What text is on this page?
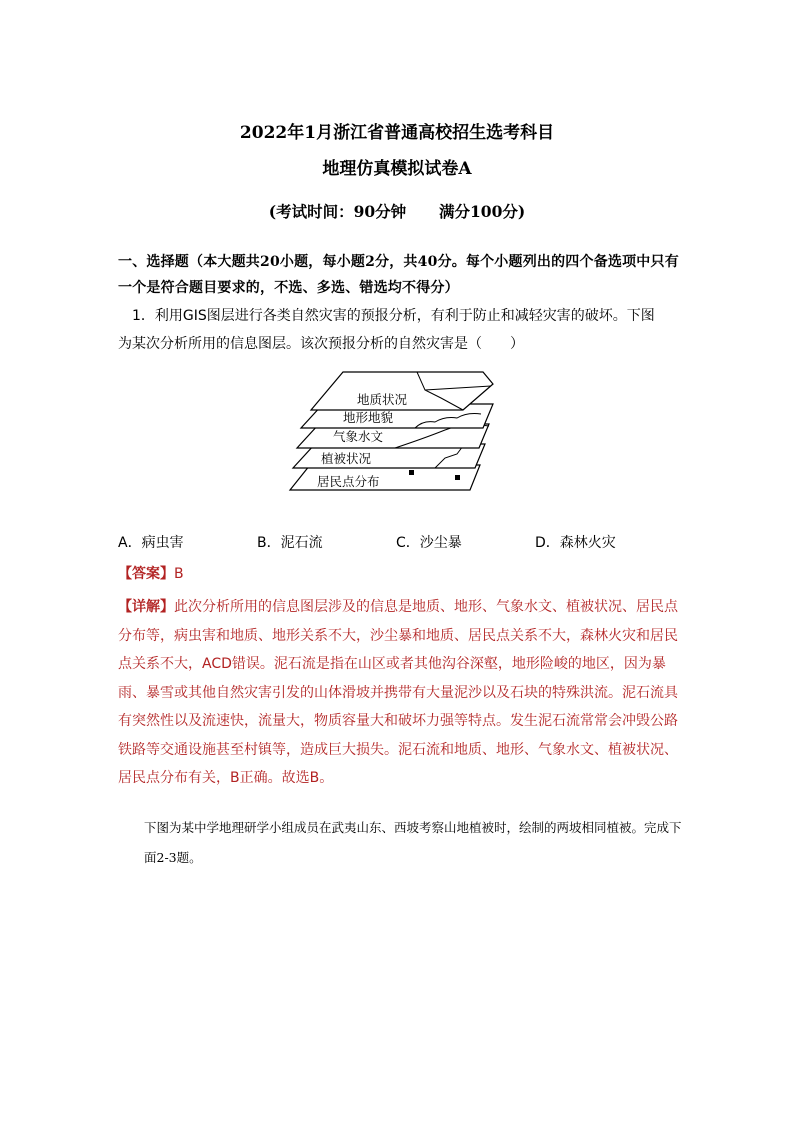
2022年1月浙江省普通高校招生选考科目
地理仿真模拟试卷A
(考试时间：90分钟 满分100分)
一、选择题（本大题共20小题，每小题2分，共40分。每个小题列出的四个备选项中只有一个是符合题目要求的，不选、多选、错选均不得分）
1．利用GIS图层进行各类自然灾害的预报分析，有利于防止和减轻灾害的破坏。下图
为某次分析所用的信息图层。该次预报分析的自然灾害是（　　）
居民点分布
植被状况
气象水文
地形地貌
地质状况
A．病虫害	B．泥石流	C．沙尘暴	D．森林火灾
【答案】B
【详解】此次分析所用的信息图层涉及的信息是地质、地形、气象水文、植被状况、居民点分布等，病虫害和地质、地形关系不大，沙尘暴和地质、居民点关系不大，森林火灾和居民点关系不大，ACD错误。泥石流是指在山区或者其他沟谷深壑，地形险峻的地区，因为暴雨、暴雪或其他自然灾害引发的山体滑坡并携带有大量泥沙以及石块的特殊洪流。泥石流具有突然性以及流速快，流量大，物质容量大和破坏力强等特点。发生泥石流常常会冲毁公路铁路等交通设施甚至村镇等，造成巨大损失。泥石流和地质、地形、气象水文、植被状况、居民点分布有关，B正确。故选B。
下图为某中学地理研学小组成员在武夷山东、西坡考察山地植被时，绘制的两坡相同植被。完成下面2-3题。
